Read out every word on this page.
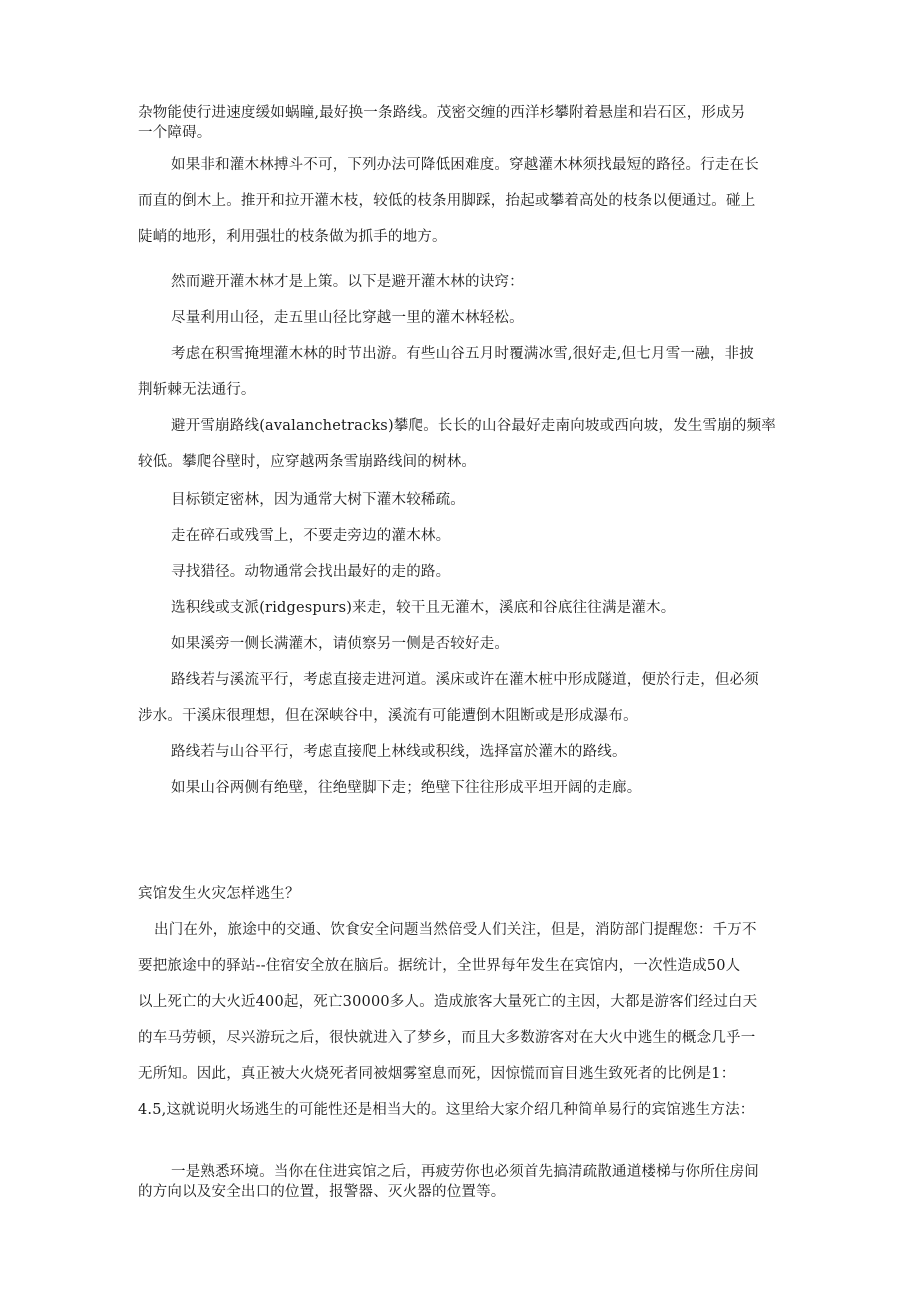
杂物能使行进速度缓如蜗瞳,最好换一条路线。茂密交缠的西洋杉攀附着悬崖和岩石区，形成另
一个障碍。
如果非和灌木林搏斗不可，下列办法可降低困难度。穿越灌木林须找最短的路径。行走在长
而直的倒木上。推开和拉开灌木枝，较低的枝条用脚踩，抬起或攀着高处的枝条以便通过。碰上
陡峭的地形，利用强壮的枝条做为抓手的地方。
然而避开灌木林才是上策。以下是避开灌木林的诀窍：
尽量利用山径，走五里山径比穿越一里的灌木林轻松。
考虑在积雪掩埋灌木林的时节出游。有些山谷五月时覆满冰雪,很好走,但七月雪一融，非披
荆斩棘无法通行。
避开雪崩路线(avalanchetracks)攀爬。长长的山谷最好走南向坡或西向坡，发生雪崩的频率
较低。攀爬谷壁时，应穿越两条雪崩路线间的树林。
目标锁定密林，因为通常大树下灌木较稀疏。
走在碎石或残雪上，不要走旁边的灌木林。
寻找猎径。动物通常会找出最好的走的路。
选积线或支派(ridgespurs)来走，较干且无灌木，溪底和谷底往往满是灌木。
如果溪旁一侧长满灌木，请侦察另一侧是否较好走。
路线若与溪流平行，考虑直接走进河道。溪床或许在灌木桩中形成隧道，便於行走，但必须
涉水。干溪床很理想，但在深峡谷中，溪流有可能遭倒木阻断或是形成瀑布。
路线若与山谷平行，考虑直接爬上林线或积线，选择富於灌木的路线。
如果山谷两侧有绝壁，往绝壁脚下走；绝壁下往往形成平坦开阔的走廊。
宾馆发生火灾怎样逃生？
出门在外，旅途中的交通、饮食安全问题当然倍受人们关注，但是，消防部门提醒您：千万不
要把旅途中的驿站--住宿安全放在脑后。据统计，全世界每年发生在宾馆内，一次性造成50人
以上死亡的大火近400起，死亡30000多人。造成旅客大量死亡的主因，大都是游客们经过白天
的车马劳顿，尽兴游玩之后，很快就进入了梦乡，而且大多数游客对在大火中逃生的概念几乎一
无所知。因此，真正被大火烧死者同被烟雾窒息而死，因惊慌而盲目逃生致死者的比例是1：
4.5,这就说明火场逃生的可能性还是相当大的。这里给大家介绍几种简单易行的宾馆逃生方法：
一是熟悉环境。当你在住进宾馆之后，再疲劳你也必须首先搞清疏散通道楼梯与你所住房间
的方向以及安全出口的位置，报警器、灭火器的位置等。
